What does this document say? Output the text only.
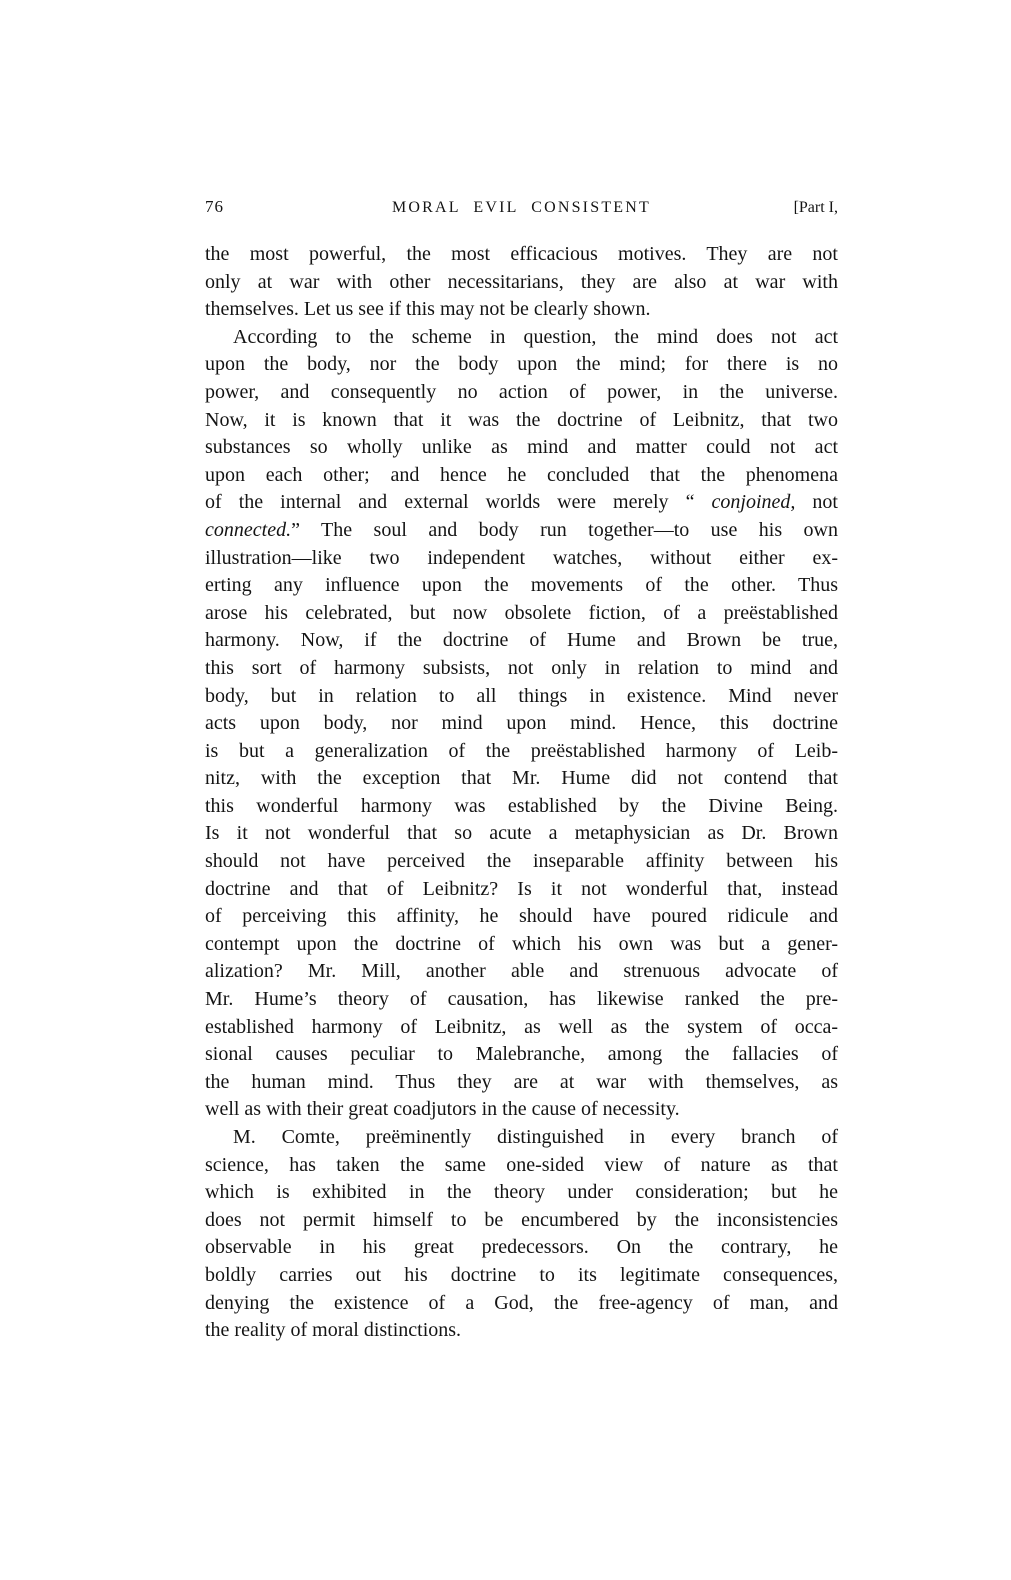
76	MORAL EVIL CONSISTENT	[Part I,
the most powerful, the most efficacious motives. They are not
only at war with other necessitarians, they are also at war with
themselves. Let us see if this may not be clearly shown.
According to the scheme in question, the mind does not act
upon the body, nor the body upon the mind; for there is no
power, and consequently no action of power, in the universe.
Now, it is known that it was the doctrine of Leibnitz, that two
substances so wholly unlike as mind and matter could not act
upon each other; and hence he concluded that the phenomena
of the internal and external worlds were merely “ conjoined, not
connected.” The soul and body run together—to use his own
illustration—like two independent watches, without either ex-
erting any influence upon the movements of the other. Thus
arose his celebrated, but now obsolete fiction, of a preëstablished
harmony. Now, if the doctrine of Hume and Brown be true,
this sort of harmony subsists, not only in relation to mind and
body, but in relation to all things in existence. Mind never
acts upon body, nor mind upon mind. Hence, this doctrine
is but a generalization of the preëstablished harmony of Leib-
nitz, with the exception that Mr. Hume did not contend that
this wonderful harmony was established by the Divine Being.
Is it not wonderful that so acute a metaphysician as Dr. Brown
should not have perceived the inseparable affinity between his
doctrine and that of Leibnitz? Is it not wonderful that, instead
of perceiving this affinity, he should have poured ridicule and
contempt upon the doctrine of which his own was but a gener-
alization? Mr. Mill, another able and strenuous advocate of
Mr. Hume’s theory of causation, has likewise ranked the pre-
established harmony of Leibnitz, as well as the system of occa-
sional causes peculiar to Malebranche, among the fallacies of
the human mind. Thus they are at war with themselves, as
well as with their great coadjutors in the cause of necessity.
M. Comte, preëminently distinguished in every branch of
science, has taken the same one-sided view of nature as that
which is exhibited in the theory under consideration; but he
does not permit himself to be encumbered by the inconsistencies
observable in his great predecessors. On the contrary, he
boldly carries out his doctrine to its legitimate consequences,
denying the existence of a God, the free-agency of man, and
the reality of moral distinctions.
